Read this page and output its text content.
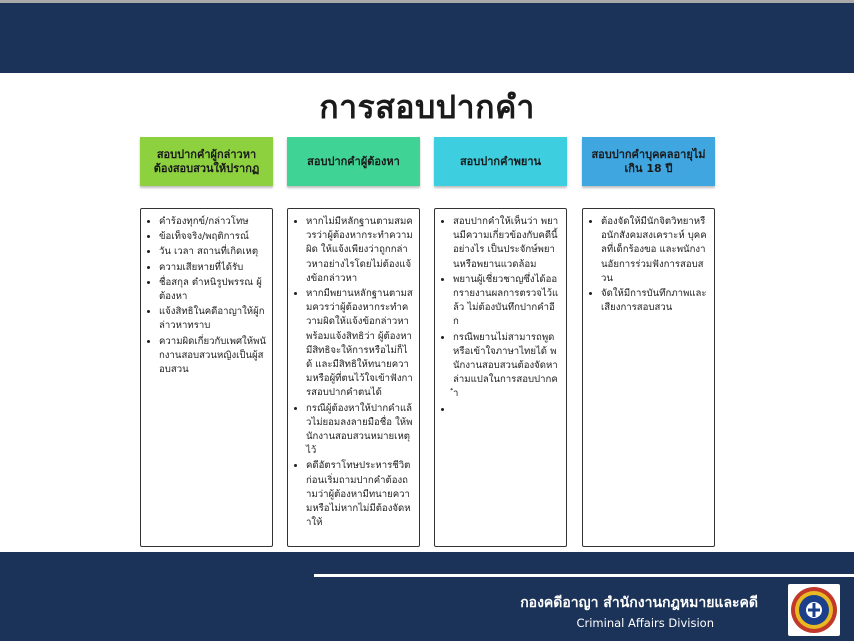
การสอบปากคำ
สอบปากคำผู้กล่าวหา ต้องสอบสวนให้ปรากฏ
สอบปากคำผู้ต้องหา	สอบปากคำพยาน
สอบปากคำบุคคลอายุไม่เกิน 18 ปี
• คำร้องทุกข์/กล่าวโทษ
• ข้อเท็จจริง/พฤติการณ์
• วัน เวลา สถานที่เกิดเหตุ
• ความเสียหายที่ได้รับ
• ชื่อสกุล ตำหนิรูปพรรณ ผู้ต้องหา
• แจ้งสิทธิในคดีอาญาให้ผู้กล่าวหาทราบ
• ความผิดเกี่ยวกับเพศให้พนักงานสอบสวนหญิงเป็นผู้สอบสวน
• หากไม่มีหลักฐานตามสมควรว่าผู้ต้องหากระทำความผิด ให้แจ้งเพียงว่าถูกกล่าวหาอย่างไรโดยไม่ต้องแจ้งข้อกล่าวหา
• หากมีพยานหลักฐานตามสมควรว่าผู้ต้องหากระทำความผิดให้แจ้งข้อกล่าวหา พร้อมแจ้งสิทธิว่า ผู้ต้องหามีสิทธิจะให้การหรือไม่ก็ได้ และมีสิทธิให้ทนายความหรือผู้ที่ตนไว้ใจเข้าฟังการสอบปากคำตนได้
• กรณีผู้ต้องหาให้ปากคำแล้วไม่ยอมลงลายมือชื่อ ให้พนักงานสอบสวนหมายเหตุไว้
• คดีอัตราโทษประหารชีวิต ก่อนเริ่มถามปากคำต้องถามว่าผู้ต้องหามีทนายความหรือไม่หากไม่มีต้องจัดหาให้
• สอบปากคำให้เห็นว่า พยานมีความเกี่ยวข้องกับคดีนี้อย่างไร เป็นประจักษ์พยานหรือพยานแวดล้อม
• พยานผู้เชี่ยวชาญซึ่งได้ออกรายงานผลการตรวจไว้แล้ว ไม่ต้องบันทึกปากคำอีก
• กรณีพยานไม่สามารถพูดหรือเข้าใจภาษาไทยได้ พนักงานสอบสวนต้องจัดหาล่ามแปลในการสอบปากคำ
•
• ต้องจัดให้มีนักจิตวิทยาหรือนักสังคมสงเคราะห์ บุคคลที่เด็กร้องขอ และพนักงานอัยการร่วมฟังการสอบสวน
• จัดให้มีการบันทึกภาพและเสียงการสอบสวน
กองคดีอาญา สำนักงานกฎหมายและคดี
Criminal Affairs Division
